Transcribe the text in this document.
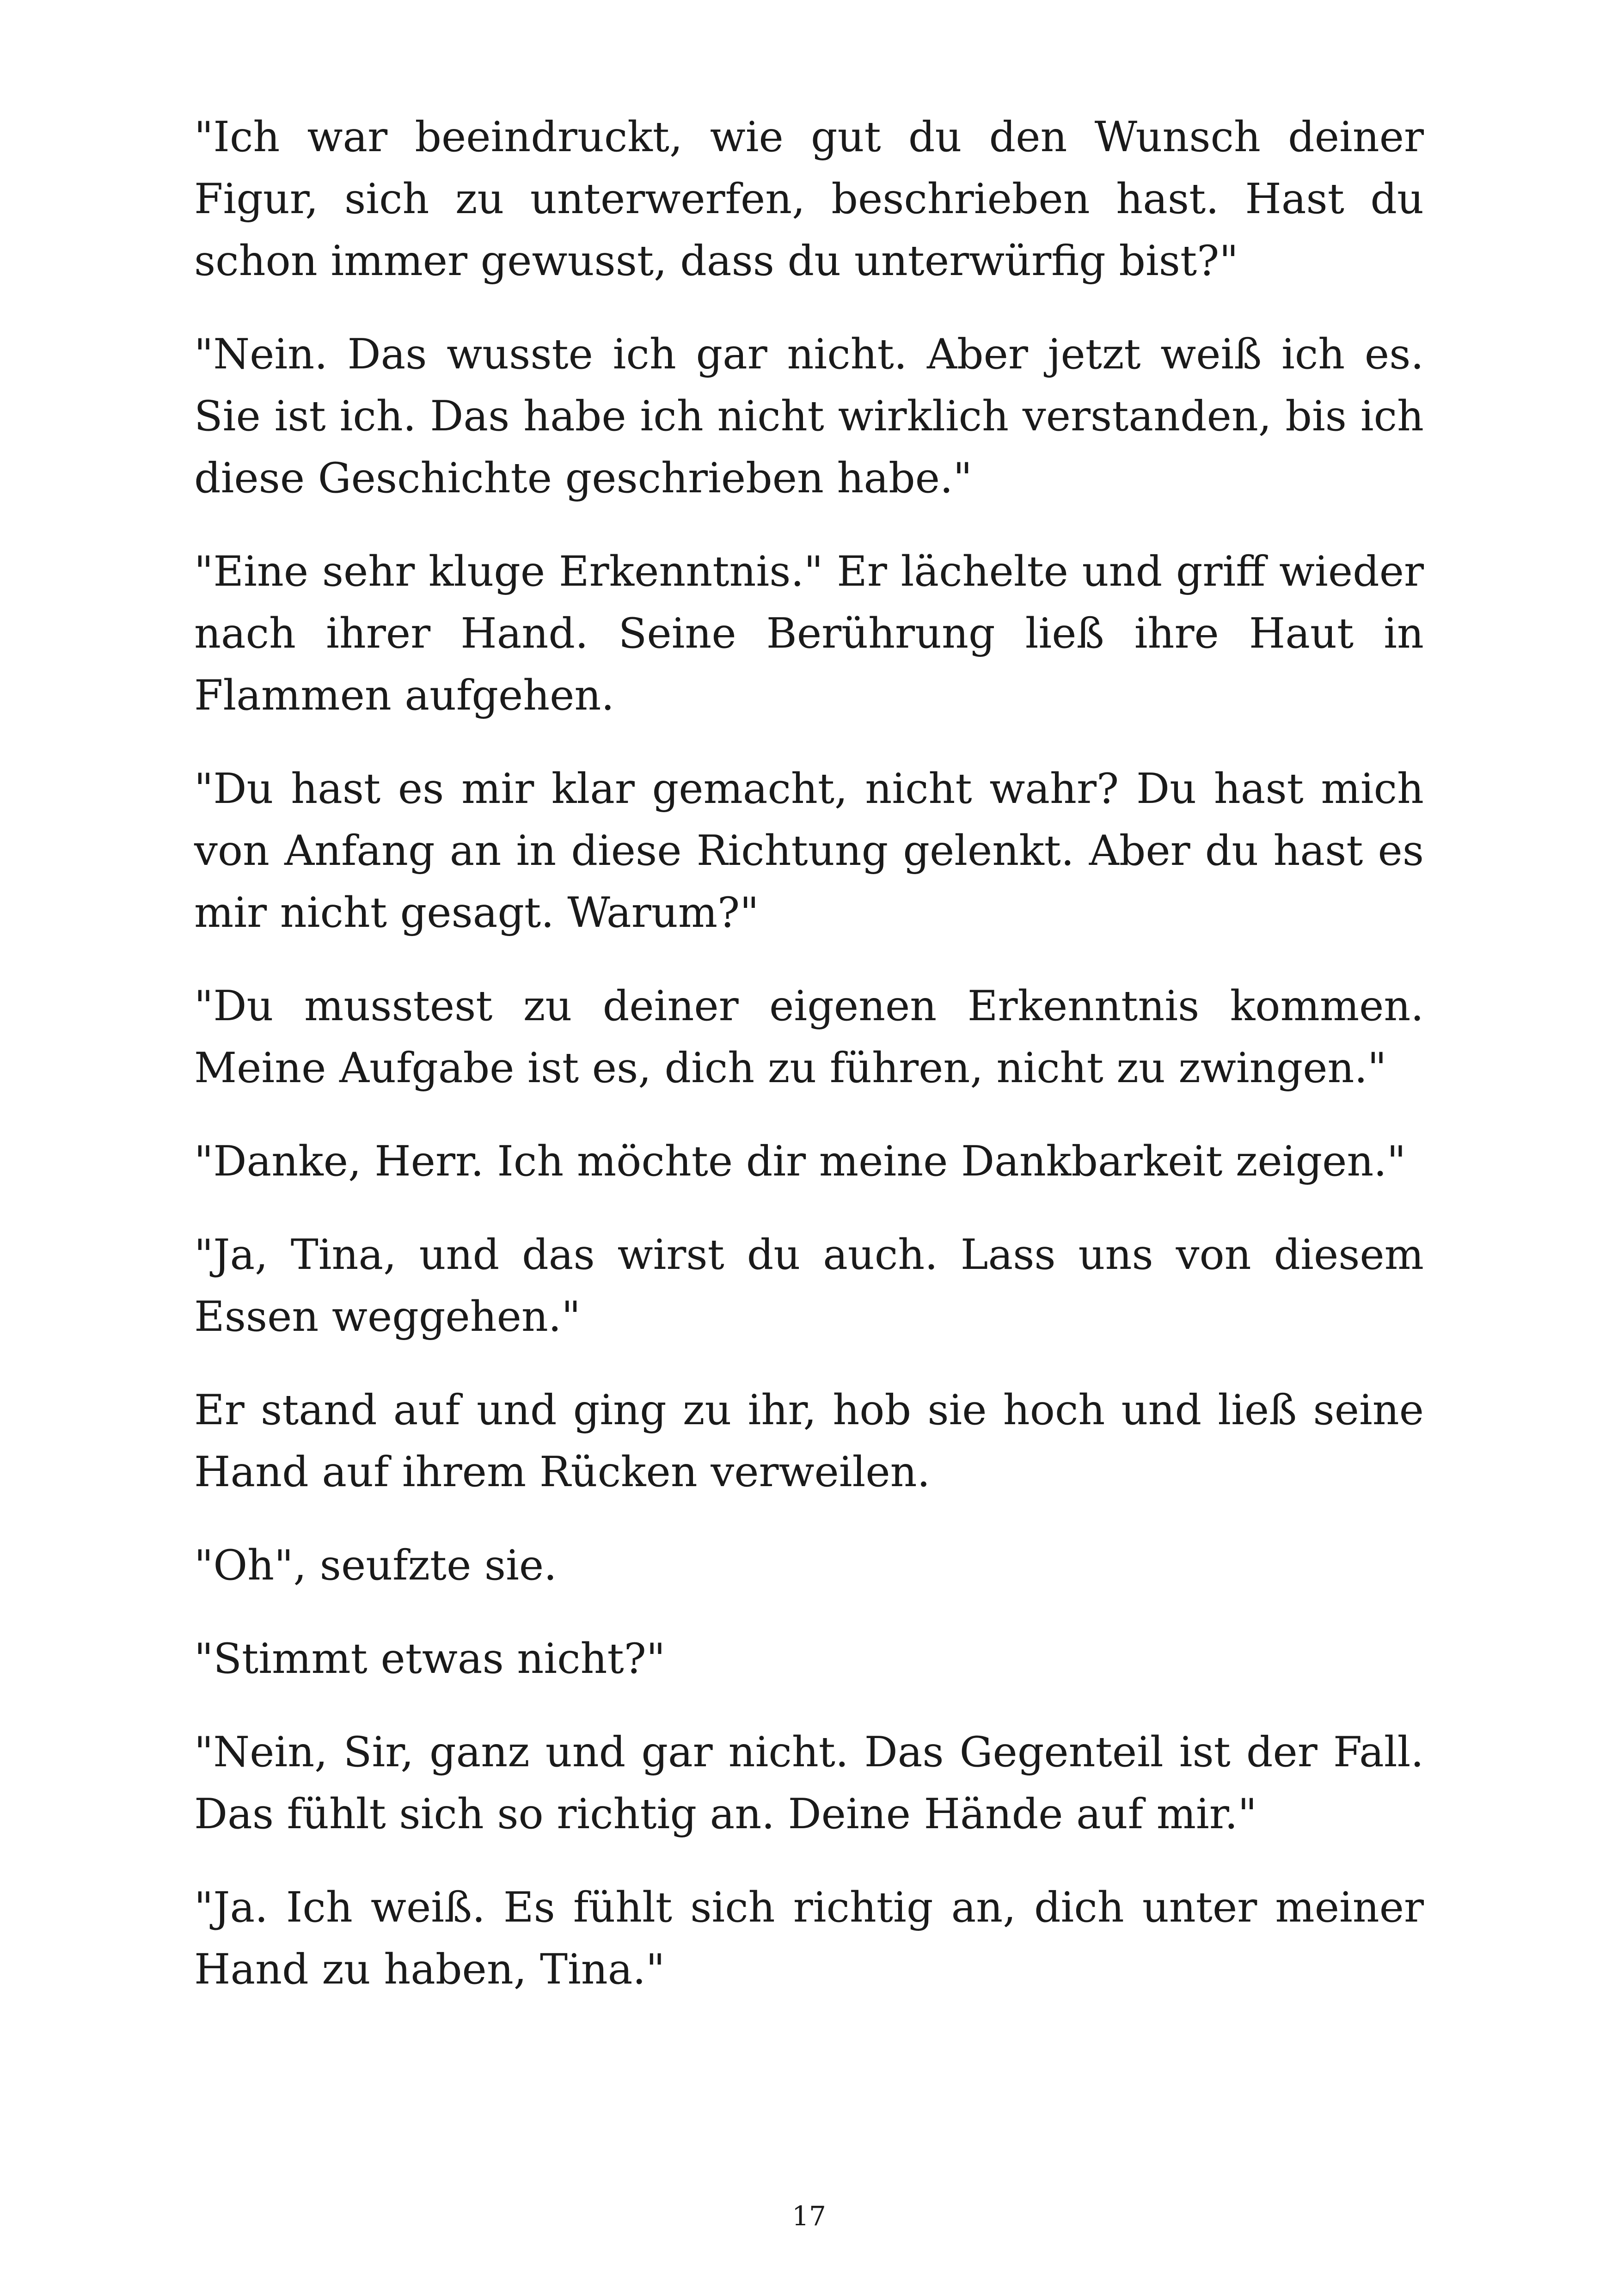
"Ich war beeindruckt, wie gut du den Wunsch deiner Figur, sich zu unterwerfen, beschrieben hast. Hast du schon immer gewusst, dass du unterwürfig bist?"

"Nein. Das wusste ich gar nicht. Aber jetzt weiß ich es. Sie ist ich. Das habe ich nicht wirklich verstanden, bis ich diese Geschichte geschrieben habe."

"Eine sehr kluge Erkenntnis." Er lächelte und griff wieder nach ihrer Hand. Seine Berührung ließ ihre Haut in Flammen aufgehen.

"Du hast es mir klar gemacht, nicht wahr? Du hast mich von Anfang an in diese Richtung gelenkt. Aber du hast es mir nicht gesagt. Warum?"

"Du musstest zu deiner eigenen Erkenntnis kommen. Meine Aufgabe ist es, dich zu führen, nicht zu zwingen."

"Danke, Herr. Ich möchte dir meine Dankbarkeit zeigen."

"Ja, Tina, und das wirst du auch. Lass uns von diesem Essen weggehen."

Er stand auf und ging zu ihr, hob sie hoch und ließ seine Hand auf ihrem Rücken verweilen.

"Oh", seufzte sie.

"Stimmt etwas nicht?"

"Nein, Sir, ganz und gar nicht. Das Gegenteil ist der Fall. Das fühlt sich so richtig an. Deine Hände auf mir."

"Ja. Ich weiß. Es fühlt sich richtig an, dich unter meiner Hand zu haben, Tina."

17
